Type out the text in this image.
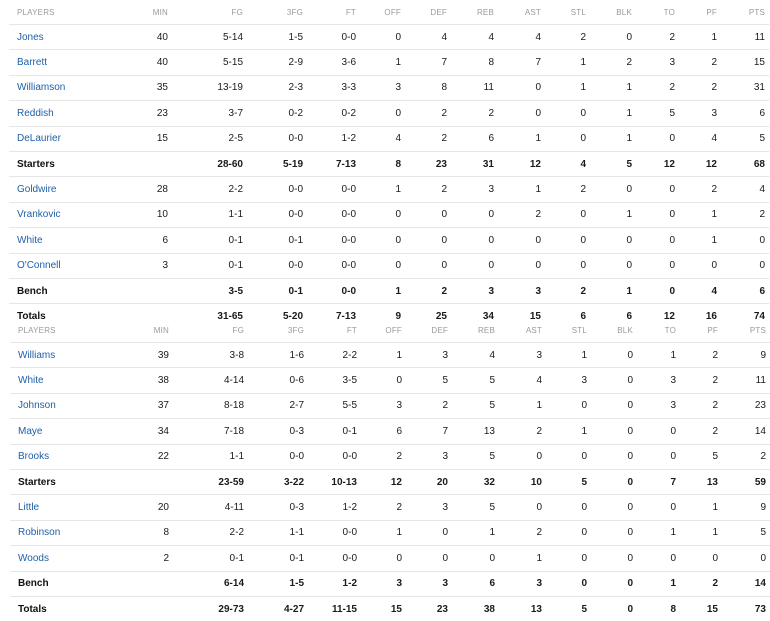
PLAYERS	MIN	FG	3FG	FT	OFF	DEF	REB	AST	STL	BLK	TO	PF	PTS
Jones	40	5-14	1-5	0-0	0	4	4	4	2	0	2	1	11
Barrett	40	5-15	2-9	3-6	1	7	8	7	1	2	3	2	15
Williamson	35	13-19	2-3	3-3	3	8	11	0	1	1	2	2	31
Reddish	23	3-7	0-2	0-2	0	2	2	0	0	1	5	3	6
DeLaurier	15	2-5	0-0	1-2	4	2	6	1	0	1	0	4	5
Starters		28-60	5-19	7-13	8	23	31	12	4	5	12	12	68
Goldwire	28	2-2	0-0	0-0	1	2	3	1	2	0	0	2	4
Vrankovic	10	1-1	0-0	0-0	0	0	0	2	0	1	0	1	2
White	6	0-1	0-1	0-0	0	0	0	0	0	0	0	1	0
O'Connell	3	0-1	0-0	0-0	0	0	0	0	0	0	0	0	0
Bench		3-5	0-1	0-0	1	2	3	3	2	1	0	4	6
Totals		31-65	5-20	7-13	9	25	34	15	6	6	12	16	74
PLAYERS	MIN	FG	3FG	FT	OFF	DEF	REB	AST	STL	BLK	TO	PF	PTS
Williams	39	3-8	1-6	2-2	1	3	4	3	1	0	1	2	9
White	38	4-14	0-6	3-5	0	5	5	4	3	0	3	2	11
Johnson	37	8-18	2-7	5-5	3	2	5	1	0	0	3	2	23
Maye	34	7-18	0-3	0-1	6	7	13	2	1	0	0	2	14
Brooks	22	1-1	0-0	0-0	2	3	5	0	0	0	0	5	2
Starters		23-59	3-22	10-13	12	20	32	10	5	0	7	13	59
Little	20	4-11	0-3	1-2	2	3	5	0	0	0	0	1	9
Robinson	8	2-2	1-1	0-0	1	0	1	2	0	0	1	1	5
Woods	2	0-1	0-1	0-0	0	0	0	1	0	0	0	0	0
Bench		6-14	1-5	1-2	3	3	6	3	0	0	1	2	14
Totals		29-73	4-27	11-15	15	23	38	13	5	0	8	15	73
